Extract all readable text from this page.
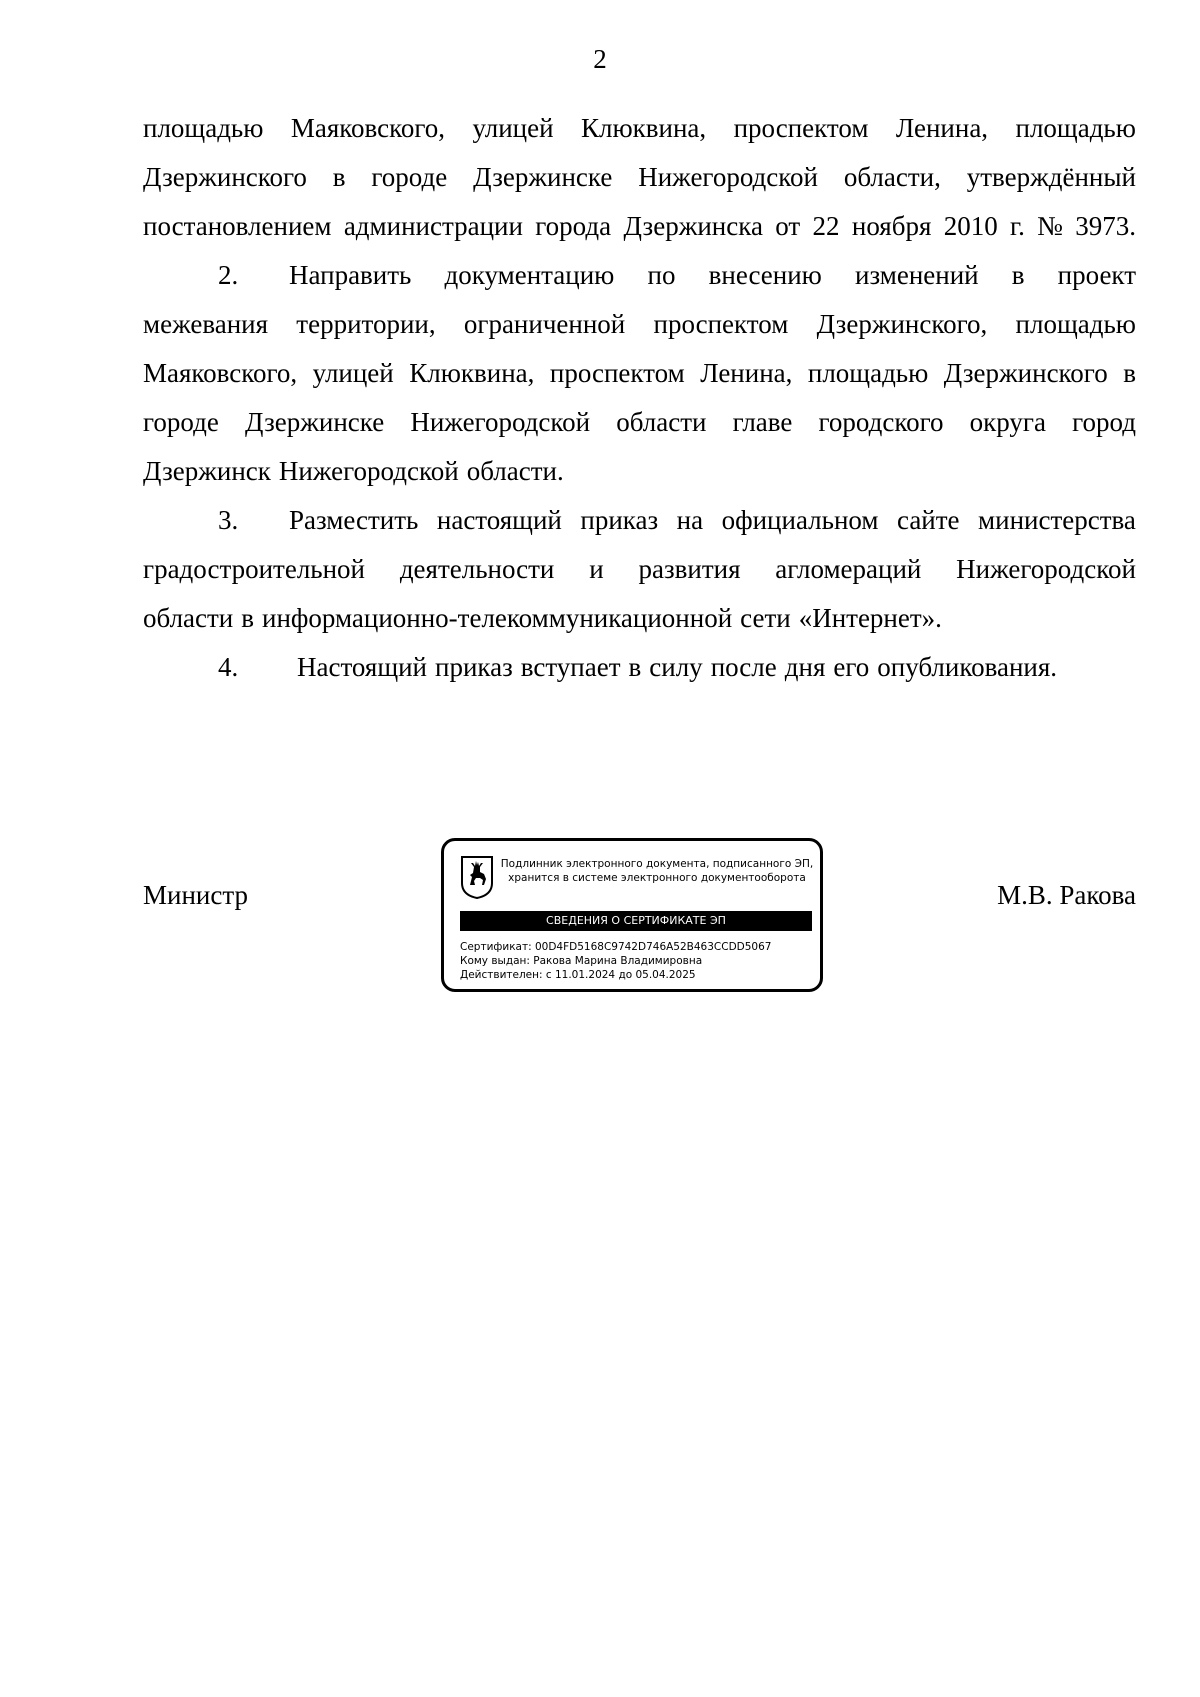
2
площадью Маяковского, улицей Клюквина, проспектом Ленина, площадью
Дзержинского в городе Дзержинске Нижегородской области, утверждённый
постановлением администрации города Дзержинска от 22 ноября 2010 г. № 3973.
2.	Направить документацию по внесению изменений в проект
межевания территории, ограниченной проспектом Дзержинского, площадью
Маяковского, улицей Клюквина, проспектом Ленина, площадью Дзержинского в
городе Дзержинске Нижегородской области главе городского округа город
Дзержинск Нижегородской области.
3.	Разместить настоящий приказ на официальном сайте министерства
градостроительной деятельности и развития агломераций Нижегородской
области в информационно-телекоммуникационной сети «Интернет».
4.	Настоящий приказ вступает в силу после дня его опубликования.
Министр	М.В. Ракова
Подлинник электронного документа, подписанного ЭП,
хранится в системе электронного документооборота
СВЕДЕНИЯ О СЕРТИФИКАТЕ ЭП
Сертификат: 00D4FD5168C9742D746A52B463CCDD5067
Кому выдан: Ракова Марина Владимировна
Действителен: с 11.01.2024 до 05.04.2025
